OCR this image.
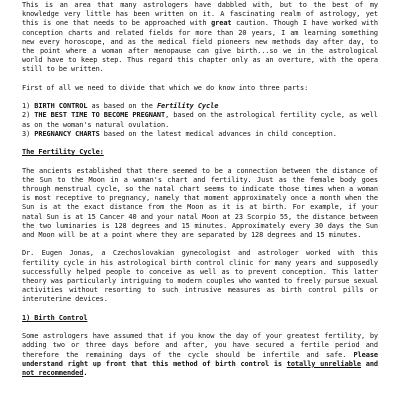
This is an area that many astrologers have dabbled with, but to the best of my knowledge very little has been written on it. A fascinating realm of astrology, yet this is one that needs to be approached with great caution. Though I have worked with conception charts and related fields for more than 20 years, I am learning something new every horoscope, and as the medical field pioneers new methods day after day, to the point where a woman after menopause can give birth...so we in the astrological world have to keep step. Thus regard this chapter only as an overture, with the opera still to be written.

First of all we need to divide that which we do know into three parts:

1) BIRTH CONTROL as based on the Fertility Cycle

2) THE BEST TIME TO BECOME PREGNANT, based on the astrological fertility cycle, as well as on the woman's natural ovulation.

3) PREGNANCY CHARTS based on the latest medical advances in child conception.

The Fertility Cycle:

The ancients established that there seemed to be a connection between the distance of the Sun to the Moon in a woman's chart and fertility. Just as the female body goes through menstrual cycle, so the natal chart seems to indicate those times when a woman is most receptive to pregnancy, namely that moment approximately once a month when the Sun is at the exact distance from the Moon as it is at birth. For example, if your natal Sun is at 15 Cancer 40 and your natal Moon at 23 Scorpio 55, the distance between the two luminaries is 128 degrees and 15 minutes. Approximately every 30 days the Sun and Moon will be at a point where they are separated by 128 degrees and 15 minutes.

Dr. Eugen Jonas, a Czechoslovakian gynecologist and astrologer worked with this fertility cycle in his astrological birth control clinic for many years and supposedly successfully helped people to conceive as well as to prevent conception. This latter theory was particularly intriguing to modern couples who wanted to freely pursue sexual activities without resorting to such intrusive measures as birth control pills or interuterine devices.

1) Birth Control

Some astrologers have assumed that if you know the day of your greatest fertility, by adding two or three days before and after, you have secured a fertile period and therefore the remaining days of the cycle should be infertile and safe. Please understand right up front that this method of birth control is totally unreliable and not recommended.
